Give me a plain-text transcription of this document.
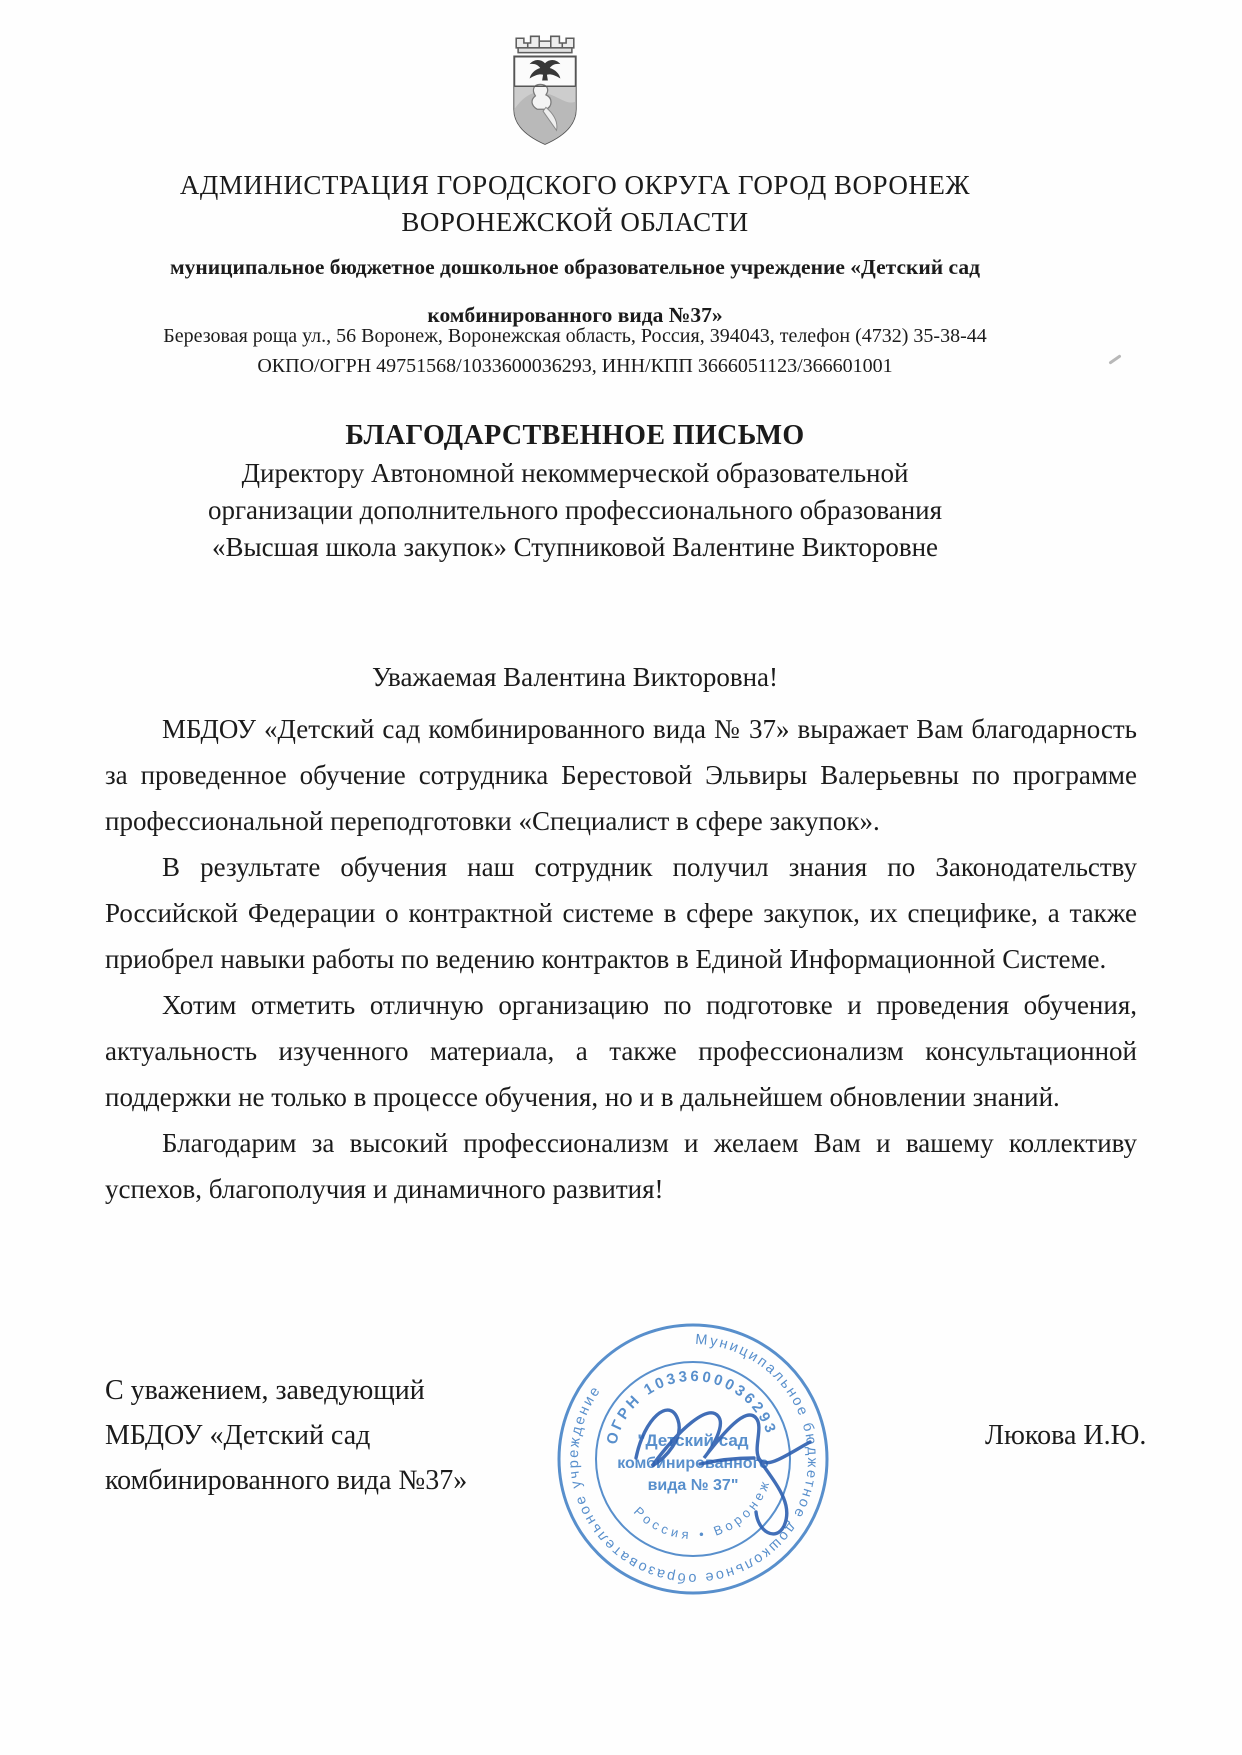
АДМИНИСТРАЦИЯ ГОРОДСКОГО ОКРУГА ГОРОД ВОРОНЕЖ
ВОРОНЕЖСКОЙ ОБЛАСТИ
муниципальное бюджетное дошкольное образовательное учреждение «Детский сад комбинированного вида №37»
Березовая роща ул., 56 Воронеж, Воронежская область, Россия, 394043, телефон (4732) 35-38-44
ОКПО/ОГРН 49751568/1033600036293, ИНН/КПП 3666051123/366601001
БЛАГОДАРСТВЕННОЕ ПИСЬМО
Директору Автономной некоммерческой образовательной
организации дополнительного профессионального образования
«Высшая школа закупок» Ступниковой Валентине Викторовне
Уважаемая Валентина Викторовна!

МБДОУ «Детский сад комбинированного вида № 37» выражает Вам благодарность за проведенное обучение сотрудника Берестовой Эльвиры Валерьевны по программе профессиональной переподготовки «Специалист в сфере закупок».

В результате обучения наш сотрудник получил знания по Законодательству Российской Федерации о контрактной системе в сфере закупок, их специфике, а также приобрел навыки работы по ведению контрактов в Единой Информационной Системе.

Хотим отметить отличную организацию по подготовке и проведения обучения, актуальность изученного материала, а также профессионализм консультационной поддержки не только в процессе обучения, но и в дальнейшем обновлении знаний.

Благодарим за высокий профессионализм и желаем Вам и вашему коллективу успехов, благополучия и динамичного развития!

С уважением, заведующий
МБДОУ «Детский сад
комбинированного вида №37»
Люкова И.Ю.
Муниципальное бюджетное дошкольное образовательное учреждение
ОГРН 1033600036293
Россия • Воронеж
"Детский сад
комбинированного
вида № 37"
